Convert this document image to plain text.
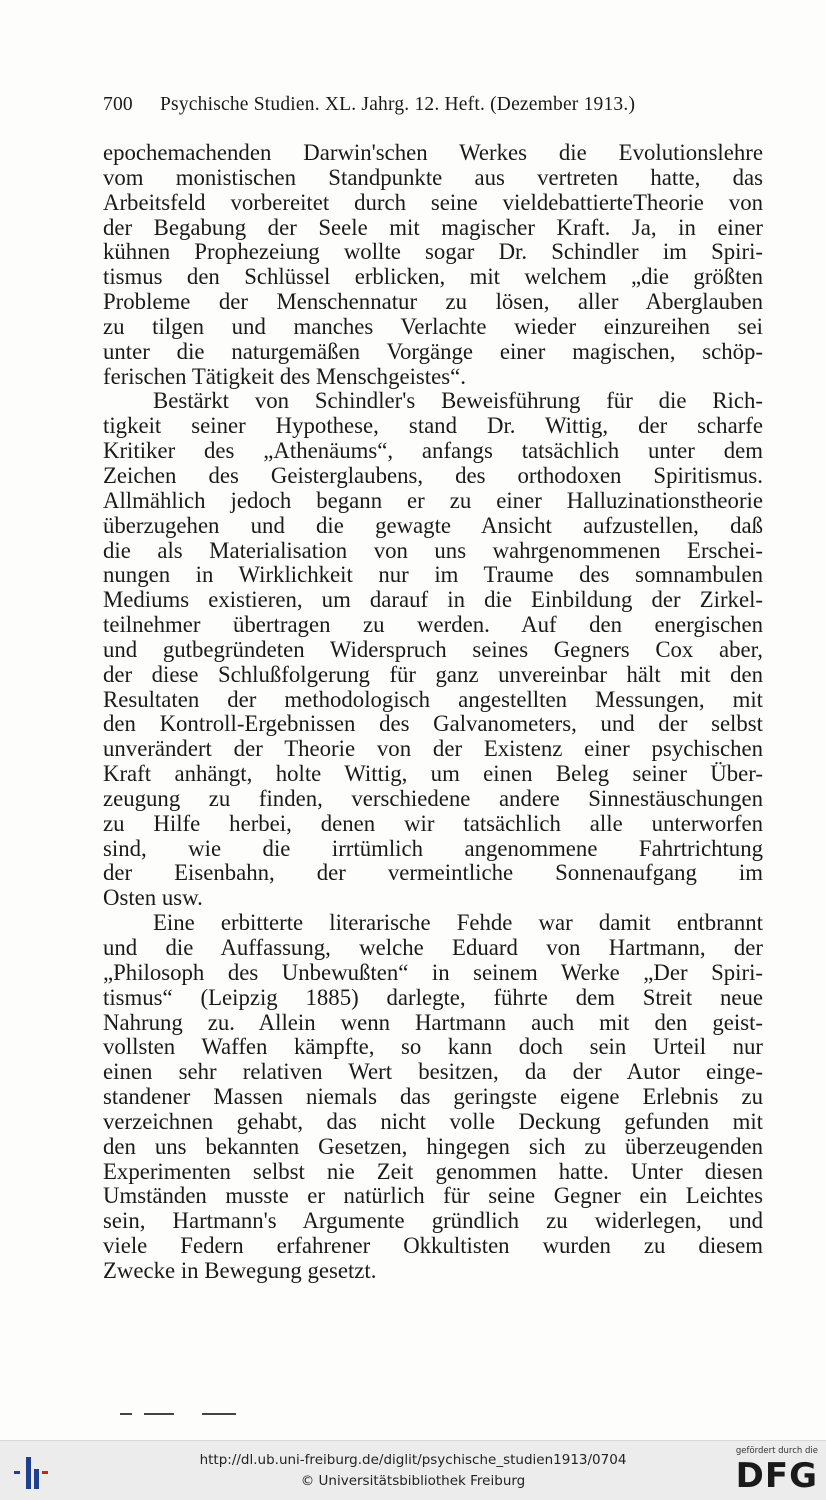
700 Psychische Studien. XL. Jahrg. 12. Heft. (Dezember 1913.)
epochemachenden Darwin'schen Werkes die Evolutionslehre
vom monistischen Standpunkte aus vertreten hatte, das
Arbeitsfeld vorbereitet durch seine vieldebattierteTheorie von
der Begabung der Seele mit magischer Kraft. Ja, in einer
kühnen Prophezeiung wollte sogar Dr. Schindler im Spiri-
tismus den Schlüssel erblicken, mit welchem „die größten
Probleme der Menschennatur zu lösen, aller Aberglauben
zu tilgen und manches Verlachte wieder einzureihen sei
unter die naturgemäßen Vorgänge einer magischen, schöp-
ferischen Tätigkeit des Menschgeistes“.
Bestärkt von Schindler's Beweisführung für die Rich-
tigkeit seiner Hypothese, stand Dr. Wittig, der scharfe
Kritiker des „Athenäums“, anfangs tatsächlich unter dem
Zeichen des Geisterglaubens, des orthodoxen Spiritismus.
Allmählich jedoch begann er zu einer Halluzinationstheorie
überzugehen und die gewagte Ansicht aufzustellen, daß
die als Materialisation von uns wahrgenommenen Erschei-
nungen in Wirklichkeit nur im Traume des somnambulen
Mediums existieren, um darauf in die Einbildung der Zirkel-
teilnehmer übertragen zu werden. Auf den energischen
und gutbegründeten Widerspruch seines Gegners Cox aber,
der diese Schlußfolgerung für ganz unvereinbar hält mit den
Resultaten der methodologisch angestellten Messungen, mit
den Kontroll-Ergebnissen des Galvanometers, und der selbst
unverändert der Theorie von der Existenz einer psychischen
Kraft anhängt, holte Wittig, um einen Beleg seiner Über-
zeugung zu finden, verschiedene andere Sinnestäuschungen
zu Hilfe herbei, denen wir tatsächlich alle unterworfen
sind, wie die irrtümlich angenommene Fahrtrichtung
der Eisenbahn, der vermeintliche Sonnenaufgang im
Osten usw.
Eine erbitterte literarische Fehde war damit entbrannt
und die Auffassung, welche Eduard von Hartmann, der
„Philosoph des Unbewußten“ in seinem Werke „Der Spiri-
tismus“ (Leipzig 1885) darlegte, führte dem Streit neue
Nahrung zu. Allein wenn Hartmann auch mit den geist-
vollsten Waffen kämpfte, so kann doch sein Urteil nur
einen sehr relativen Wert besitzen, da der Autor einge-
standener Massen niemals das geringste eigene Erlebnis zu
verzeichnen gehabt, das nicht volle Deckung gefunden mit
den uns bekannten Gesetzen, hingegen sich zu überzeugenden
Experimenten selbst nie Zeit genommen hatte. Unter diesen
Umständen musste er natürlich für seine Gegner ein Leichtes
sein, Hartmann's Argumente gründlich zu widerlegen, und
viele Federn erfahrener Okkultisten wurden zu diesem
Zwecke in Bewegung gesetzt.
http://dl.ub.uni-freiburg.de/diglit/psychische_studien1913/0704
© Universitätsbibliothek Freiburg
gefördert durch die
DFG
